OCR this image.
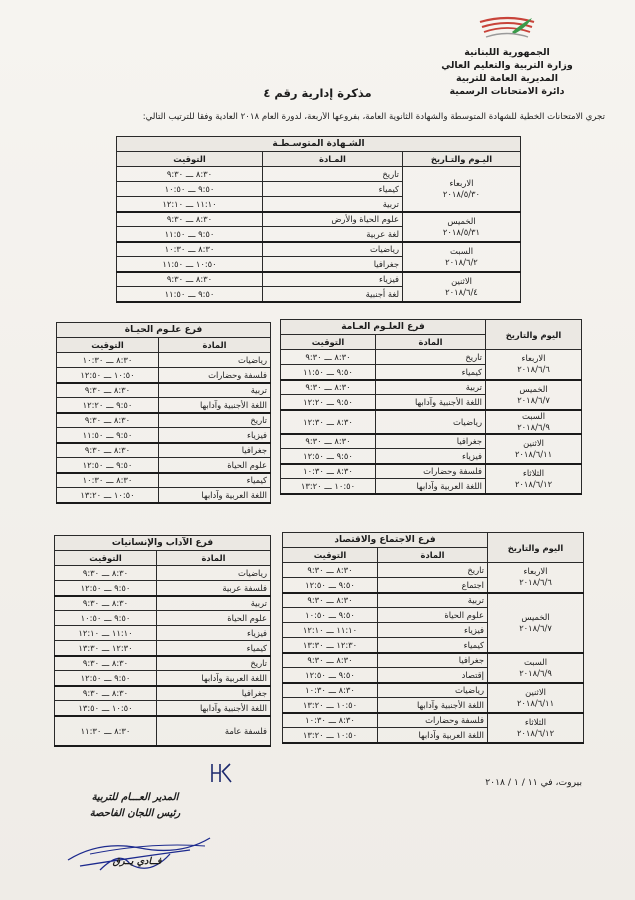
الجمهورية اللبنانية
وزارة التربية والتعليم العالي
المديرية العامة للتربية
دائرة الامتحانات الرسمية
مذكرة إدارية رقم ٤
تجري الامتحانات الخطية للشهادة المتوسطة والشهادة الثانوية العامة، بفروعها الأربعة، لدورة العام ٢٠١٨ العادية وفقاً للترتيب التالي:
الشـهادة المتوسـطـة		
اليـوم والتـاريخ	المـادة	التوقيت

الاربعاء
٢٠١٨/٥/٣٠	تاريخ	٨:٣٠ ـــ ٩:٣٠
	كيمياء	٩:٥٠ ـــ ١٠:٥٠
	تربية	١١:١٠ ـــ ١٢:١٠

الخميس
٢٠١٨/٥/٣١	علوم الحياة والأرض	٨:٣٠ ـــ ٩:٣٠
	لغة عربية	٩:٥٠ ـــ ١١:٥٠

السبت
٢٠١٨/٦/٢	رياضيات	٨:٣٠ ـــ ١٠:٣٠
	جغرافيا	١٠:٥٠ ـــ ١١:٥٠

الاثنين
٢٠١٨/٦/٤	فيزياء	٨:٣٠ ـــ ٩:٣٠
	لغة أجنبية	٩:٥٠ ـــ ١١:٥٠
اليوم والتاريخ	فرع العلـوم العـامة	
	المادة	التوقيت

الاربعاء
٢٠١٨/٦/٦	تاريخ	٨:٣٠ ـــ ٩:٣٠
	كيمياء	٩:٥٠ ـــ ١١:٥٠

الخميس
٢٠١٨/٦/٧	تربية	٨:٣٠ ـــ ٩:٣٠
	اللغة الأجنبية وآدابها	٩:٥٠ ـــ ١٢:٢٠

السبت
٢٠١٨/٦/٩	رياضيات	٨:٣٠ ـــ ١٢:٣٠

الاثنين
٢٠١٨/٦/١١	جغرافيا	٨:٣٠ ـــ ٩:٣٠
	فيزياء	٩:٥٠ ـــ ١٢:٥٠

الثلاثاء
٢٠١٨/٦/١٢	فلسفة وحضارات	٨:٣٠ ـــ ١٠:٣٠
	اللغة العربية وآدابها	١٠:٥٠ ـــ ١٣:٢٠
فرع علـوم الحيـاة	
المادة	التوقيت
رياضيات	٨:٣٠ ـــ ١٠:٣٠
فلسفة وحضارات	١٠:٥٠ ـــ ١٢:٥٠
تربية	٨:٣٠ ـــ ٩:٣٠
اللغة الأجنبية وآدابها	٩:٥٠ ـــ ١٢:٢٠
تاريخ	٨:٣٠ ـــ ٩:٣٠
فيزياء	٩:٥٠ ـــ ١١:٥٠
جغرافيا	٨:٣٠ ـــ ٩:٣٠
علوم الحياة	٩:٥٠ ـــ ١٢:٥٠
كيمياء	٨:٣٠ ـــ ١٠:٣٠
اللغة العربية وآدابها	١٠:٥٠ ـــ ١٣:٢٠
اليوم والتاريخ	فرع الاجتماع والاقتصاد	
	المادة	التوقيت

الاربعاء
٢٠١٨/٦/٦	تاريخ	٨:٣٠ ـــ ٩:٣٠
	اجتماع	٩:٥٠ ـــ ١٢:٥٠

الخميس
٢٠١٨/٦/٧	تربية	٨:٣٠ ـــ ٩:٣٠
	علوم الحياة	٩:٥٠ ـــ ١٠:٥٠
	فيزياء	١١:١٠ ـــ ١٢:١٠
	كيمياء	١٢:٣٠ ـــ ١٣:٣٠

السبت
٢٠١٨/٦/٩	جغرافيا	٨:٣٠ ـــ ٩:٣٠
	إقتصاد	٩:٥٠ ـــ ١٢:٥٠

الاثنين
٢٠١٨/٦/١١	رياضيات	٨:٣٠ ـــ ١٠:٣٠
	اللغة الأجنبية وآدابها	١٠:٥٠ ـــ ١٣:٢٠

الثلاثاء
٢٠١٨/٦/١٢	فلسفة وحضارات	٨:٣٠ ـــ ١٠:٣٠
	اللغة العربية وآدابها	١٠:٥٠ ـــ ١٣:٢٠
فرع الآداب والإنسانيات	
المادة	التوقيت
رياضيات	٨:٣٠ ـــ ٩:٣٠
فلسفة عربية	٩:٥٠ ـــ ١٢:٥٠
تربية	٨:٣٠ ـــ ٩:٣٠
علوم الحياة	٩:٥٠ ـــ ١٠:٥٠
فيزياء	١١:١٠ ـــ ١٢:١٠
كيمياء	١٢:٣٠ ـــ ١٣:٣٠
تاريخ	٨:٣٠ ـــ ٩:٣٠
اللغة العربية وآدابها	٩:٥٠ ـــ ١٢:٥٠
جغرافيا	٨:٣٠ ـــ ٩:٣٠
اللغة الأجنبية وآدابها	١٠:٥٠ ـــ ١٣:٥٠
فلسفة عامة	٨:٣٠ ـــ ١١:٣٠
بيروت، في ١١ / ١ / ٢٠١٨
المدير العـــام للتربية
رئيس اللجان الفاحصة
فــادي يــرق
